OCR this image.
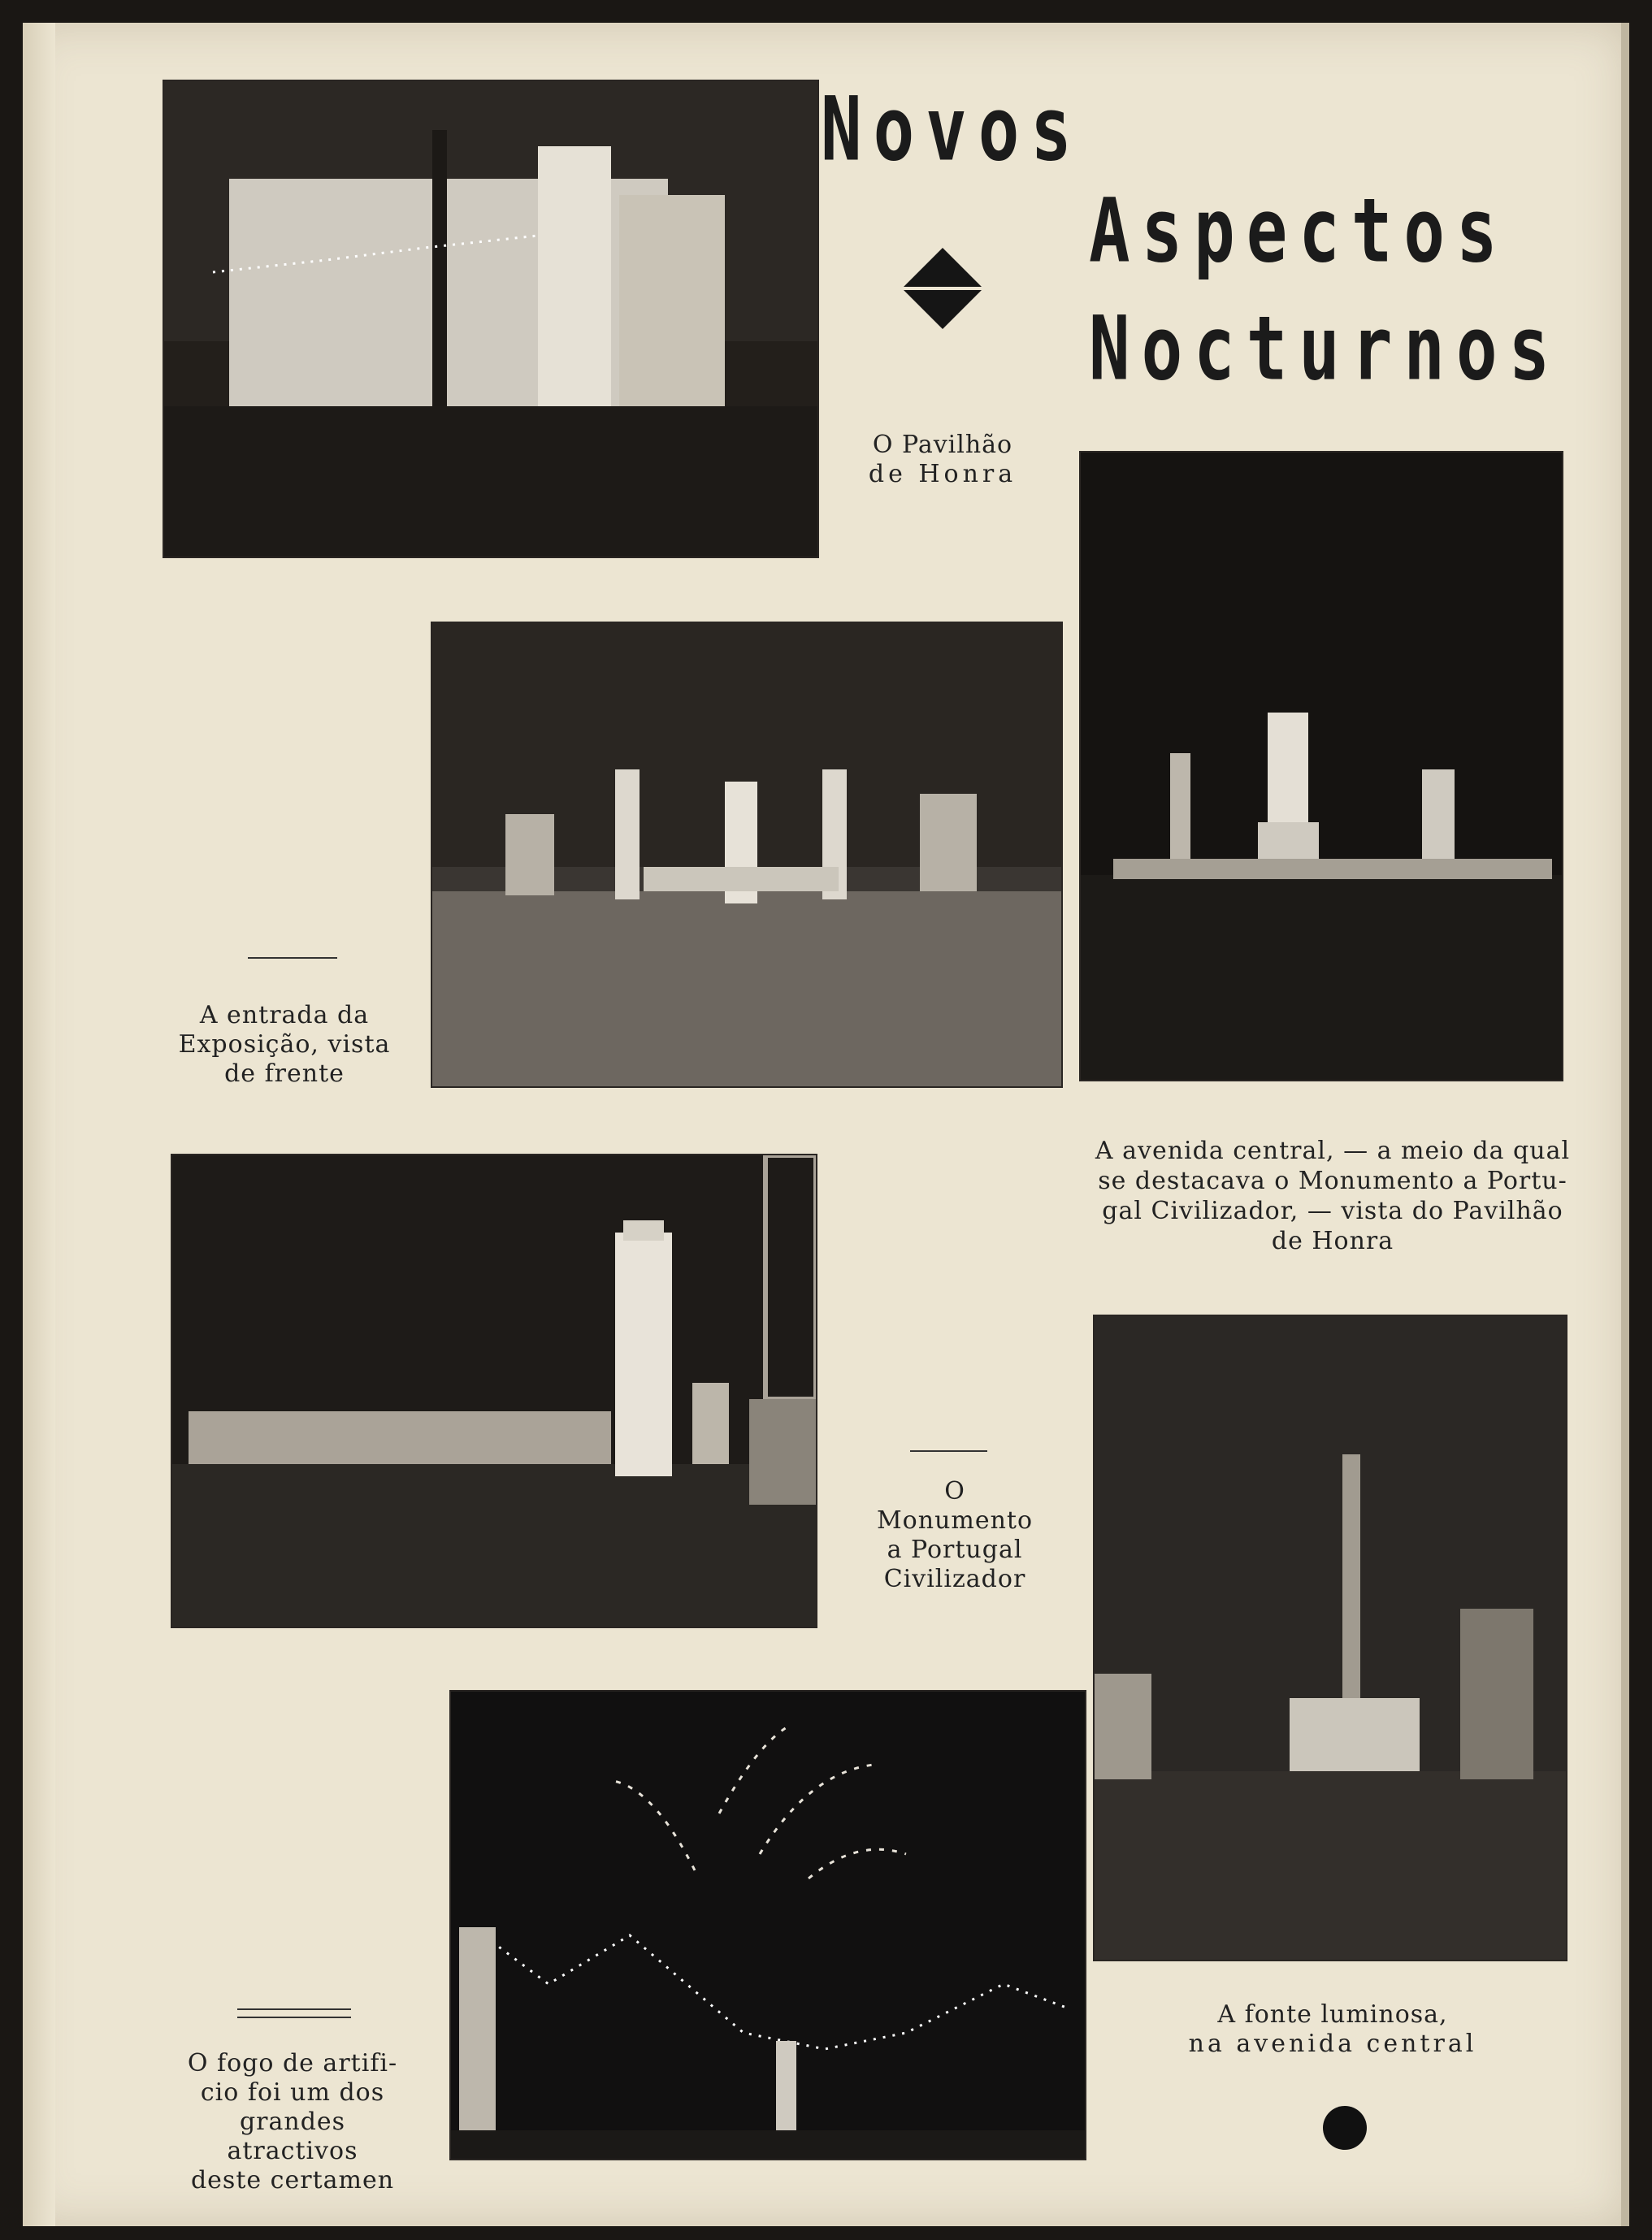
Novos
Aspectos
Nocturnos
O Pavilhão
de Honra
A entrada da
Exposição, vista
de frente
A avenida central, — a meio da qual
se destacava o Monumento a Portu-
gal Civilizador, — vista do Pavilhão
de Honra
O
Monumento
a Portugal
Civilizador
A fonte luminosa,
na avenida central
O fogo de artifi-
cio foi um dos
grandes atractivos
deste certamen
